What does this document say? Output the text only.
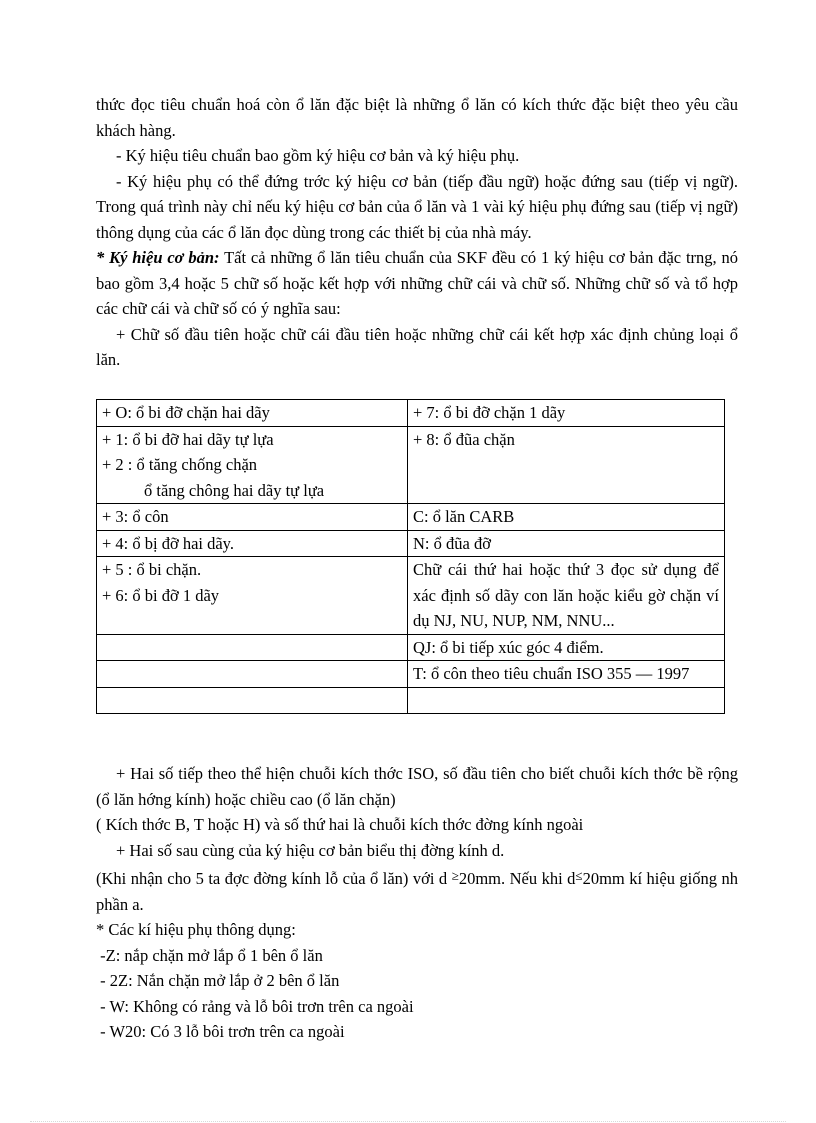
thức đọc tiêu chuẩn hoá còn ổ lăn đặc biệt là những ổ lăn có kích thức đặc biệt theo yêu cầu khách hàng.

- Ký hiệu tiêu chuẩn bao gồm ký hiệu cơ bản và ký hiệu phụ.

- Ký hiệu phụ có thể đứng trớc ký hiệu cơ bản (tiếp đầu ngữ) hoặc đứng sau (tiếp vị ngữ). Trong quá trình này chỉ nếu ký hiệu cơ bản của ổ lăn và 1 vài ký hiệu phụ đứng sau (tiếp vị ngữ) thông dụng của các ổ lăn đọc dùng trong các thiết bị của nhà máy.

* Ký hiệu cơ bản: Tất cả những ổ lăn tiêu chuẩn của SKF đều có 1 ký hiệu cơ bản đặc trng, nó bao gồm 3,4 hoặc 5 chữ số hoặc kết hợp với những chữ cái và chữ số. Những chữ số và tổ hợp các chữ cái và chữ số có ý nghĩa sau:

+ Chữ số đầu tiên hoặc chữ cái đầu tiên hoặc những chữ cái kết hợp xác định chủng loại ổ lăn.

+ O: ổ bi đỡ chặn hai dãy	+ 7: ổ bi đỡ chặn 1 dãy

+ 1: ổ bi đỡ hai dãy tự lựa
+ 2 : ổ tăng chống chặn
ổ tăng chông hai dãy tự lựa	+ 8: ổ đũa chặn

+ 3: ổ côn	C: ổ lăn CARB

+ 4: ổ bị đỡ hai dãy.	N: ổ đũa đỡ

+ 5 : ổ bi chặn.
+ 6: ổ bi đỡ 1 dãy	Chữ cái thứ hai hoặc thứ 3 đọc sử dụng để xác định số dãy con lăn hoặc kiểu gờ chặn ví dụ NJ, NU, NUP, NM, NNU...
	QJ: ổ bi tiếp xúc góc 4 điểm.
	T: ổ côn theo tiêu chuẩn ISO 355 — 1997

+ Hai số tiếp theo thể hiện chuỗi kích thớc ISO, số đầu tiên cho biết chuỗi kích thớc bề rộng (ổ lăn hớng kính) hoặc chiều cao (ổ lăn chặn)

( Kích thớc B, T hoặc H) và số thứ hai là chuỗi kích thớc đờng kính ngoài

+ Hai số sau cùng của ký hiệu cơ bản biểu thị đờng kính d.

(Khi nhận cho 5 ta đợc đờng kính lỗ của ổ lăn) với d ≥20mm. Nếu khi d≤20mm kí hiệu giống nh phần a.

* Các kí hiệu phụ thông dụng:

-Z: nắp chặn mở lắp ổ 1 bên ổ lăn

- 2Z: Nắn chặn mở lắp ở 2 bên ổ lăn

- W: Không có rảng và lỗ bôi trơn trên ca ngoài

- W20: Có 3 lỗ bôi trơn trên ca ngoài
